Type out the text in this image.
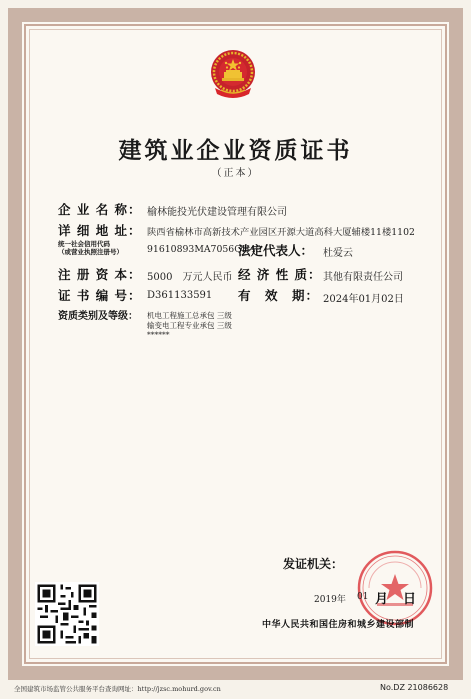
建筑业企业资质证书
（正本）
企 业 名 称： 榆林能投光伏建设管理有限公司
详 细 地 址： 陕西省榆林市高新技术产业园区开源大道高科大厦辅楼11楼1102
统一社会信用代码
（或营业执照注册号）	91610893MA7056GH49
法定代表人： 杜爱云
注 册 资 本： 5000　万元人民币 经 济 性 质： 其他有限责任公司
证 书 编 号： D361133591 有　效　期： 2024年01月02日
资质类别及等级： 机电工程施工总承包 三级
输变电工程专业承包 三级
******
发证机关：
2019年 01 月 日
中华人民共和国住房和城乡建设部制
全国建筑市场监管公共服务平台查询网址：http://jzsc.mohurd.gov.cn	No.DZ 21086628
